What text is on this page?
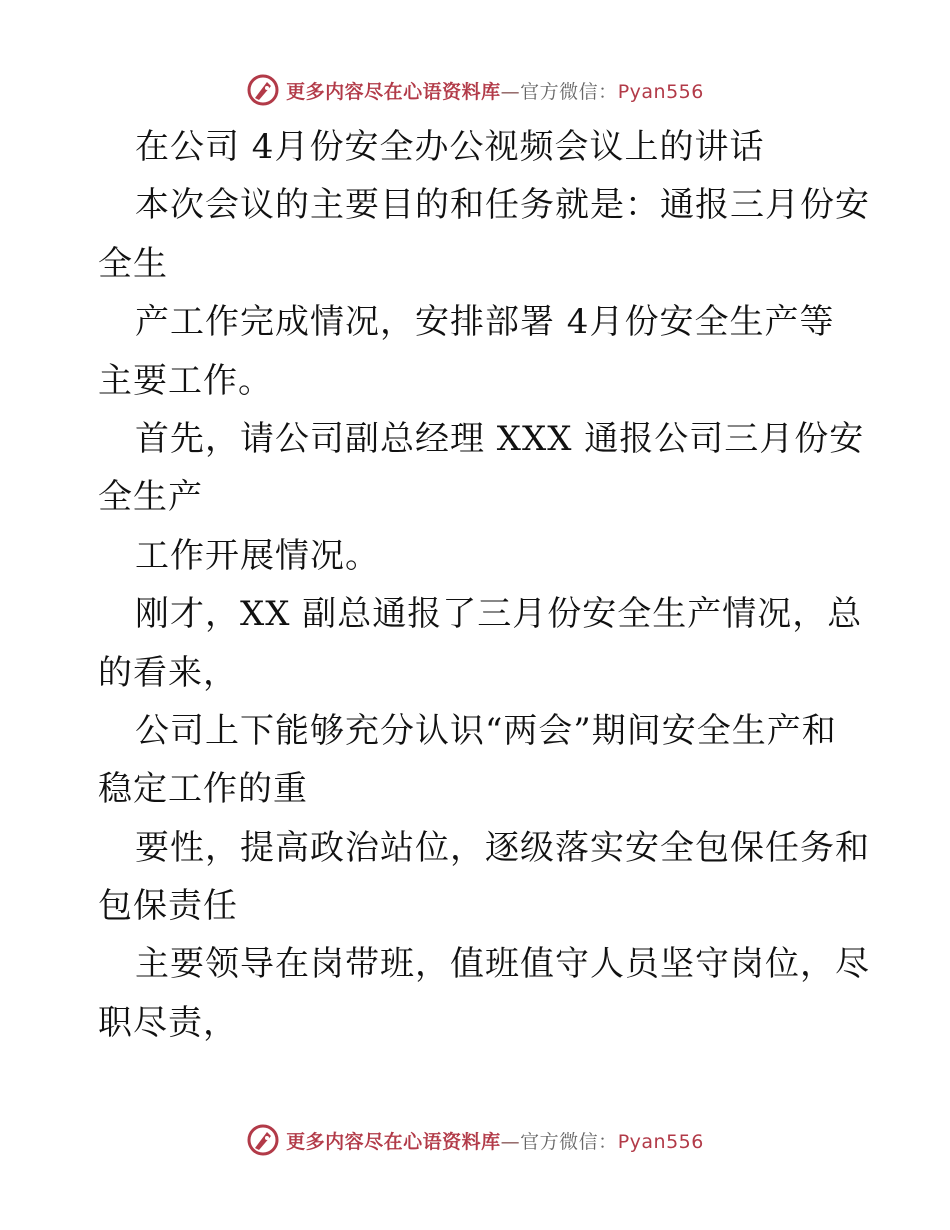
更多内容尽在心语资料库—官方微信：Pyan556
在公司 4月份安全办公视频会议上的讲话
本次会议的主要目的和任务就是：通报三月份安
全生
产工作完成情况，安排部署 4月份安全生产等
主要工作。
首先，请公司副总经理 XXX 通报公司三月份安
全生产
工作开展情况。
刚才，XX 副总通报了三月份安全生产情况，总
的看来，
公司上下能够充分认识“两会”期间安全生产和
稳定工作的重
要性，提高政治站位，逐级落实安全包保任务和
包保责任
主要领导在岗带班，值班值守人员坚守岗位，尽
职尽责，
更多内容尽在心语资料库—官方微信：Pyan556
